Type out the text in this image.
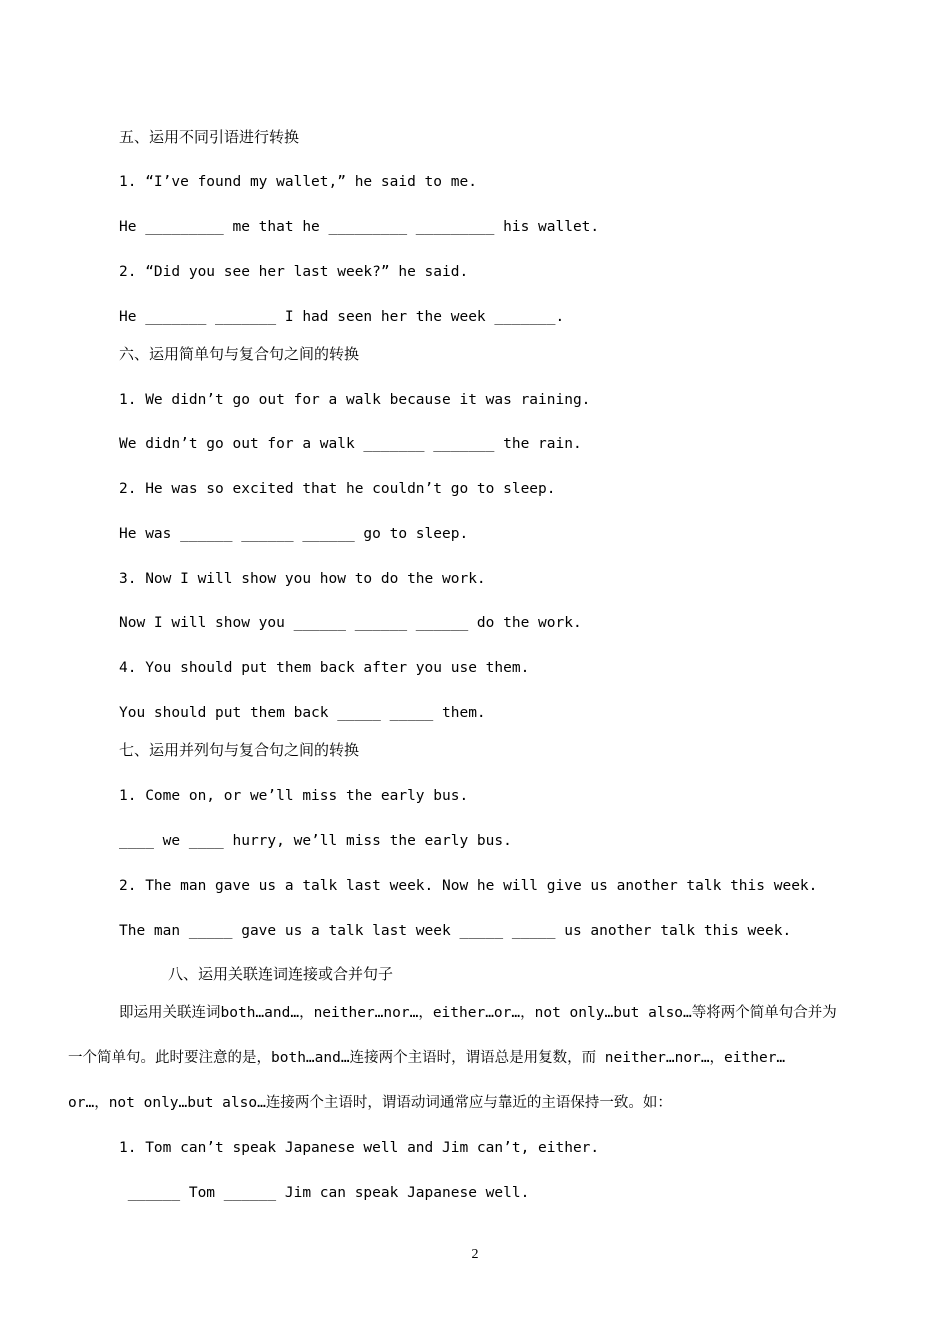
五、运用不同引语进行转换
1. “I’ve found my wallet,” he said to me.
He _________ me that he _________ _________ his wallet.
2. “Did you see her last week?” he said.
He _______ _______ I had seen her the week _______.
六、运用简单句与复合句之间的转换
1. We didn’t go out for a walk because it was raining.
We didn’t go out for a walk _______ _______ the rain.
2. He was so excited that he couldn’t go to sleep.
He was ______ ______ ______ go to sleep.
3. Now I will show you how to do the work.
Now I will show you ______ ______ ______ do the work.
4. You should put them back after you use them.
You should put them back _____ _____ them.
七、运用并列句与复合句之间的转换
1. Come on, or we’ll miss the early bus.
____ we ____ hurry, we’ll miss the early bus.
2. The man gave us a talk last week. Now he will give us another talk this week.
The man _____ gave us a talk last week _____ _____ us another talk this week.
八、运用关联连词连接或合并句子
即运用关联连词both…and…，neither…nor…，either…or…，not only…but also…等将两个简单句合并为
一个简单句。此时要注意的是，both…and…连接两个主语时，谓语总是用复数，而 neither…nor…，either…
or…，not only…but also…连接两个主语时，谓语动词通常应与靠近的主语保持一致。如：
1. Tom can’t speak Japanese well and Jim can’t, either.
______ Tom ______ Jim can speak Japanese well.
2
